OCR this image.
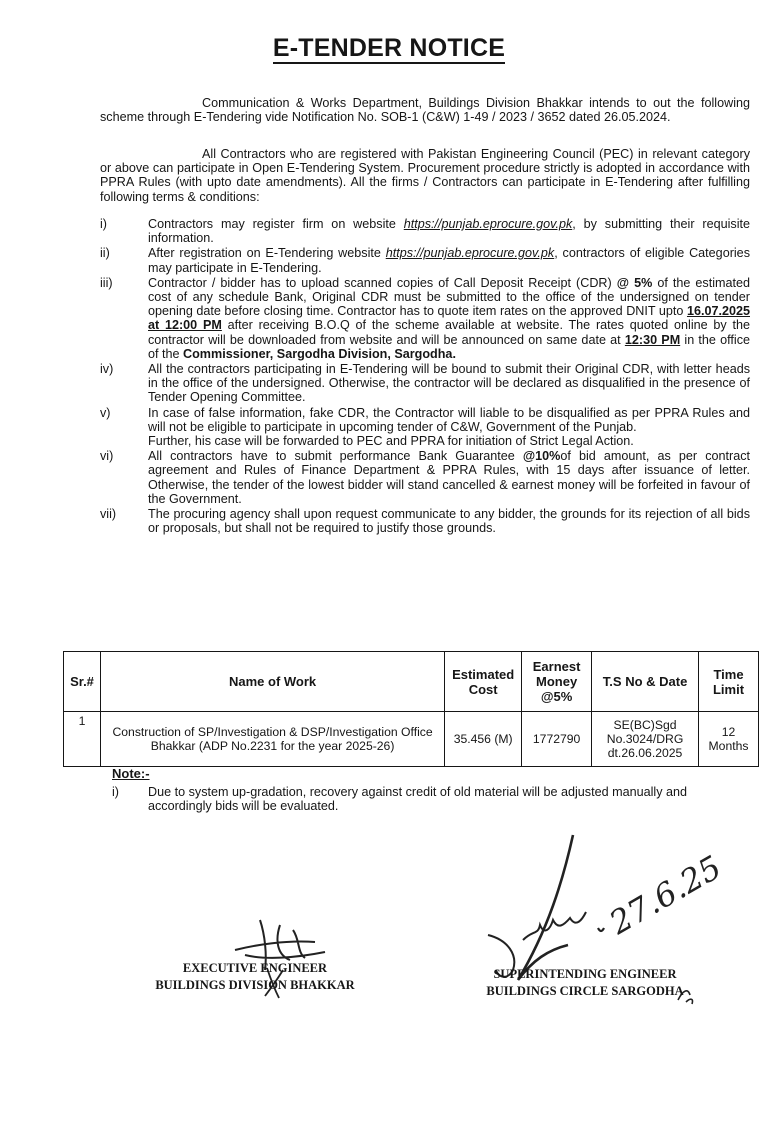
E-TENDER NOTICE
Communication & Works Department, Buildings Division Bhakkar intends to out the following scheme through E-Tendering vide Notification No. SOB-1 (C&W) 1-49 / 2023 / 3652 dated 26.05.2024.
All Contractors who are registered with Pakistan Engineering Council (PEC) in relevant category or above can participate in Open E-Tendering System. Procurement procedure strictly is adopted in accordance with PPRA Rules (with upto date amendments). All the firms / Contractors can participate in E-Tendering after fulfilling following terms & conditions:
i)	Contractors may register firm on website https://punjab.eprocure.gov.pk, by submitting their requisite information.
ii)	After registration on E-Tendering website https://punjab.eprocure.gov.pk, contractors of eligible Categories may participate in E-Tendering.
iii)	Contractor / bidder has to upload scanned copies of Call Deposit Receipt (CDR) @ 5% of the estimated cost of any schedule Bank, Original CDR must be submitted to the office of the undersigned on tender opening date before closing time. Contractor has to quote item rates on the approved DNIT upto 16.07.2025 at 12:00 PM after receiving B.O.Q of the scheme available at website. The rates quoted online by the contractor will be downloaded from website and will be announced on same date at 12:30 PM in the office of the Commissioner, Sargodha Division, Sargodha.
iv)	All the contractors participating in E-Tendering will be bound to submit their Original CDR, with letter heads in the office of the undersigned. Otherwise, the contractor will be declared as disqualified in the presence of Tender Opening Committee.
v)	In case of false information, fake CDR, the Contractor will liable to be disqualified as per PPRA Rules and will not be eligible to participate in upcoming tender of C&W, Government of the Punjab.
Further, his case will be forwarded to PEC and PPRA for initiation of Strict Legal Action.
vi)	All contractors have to submit performance Bank Guarantee @10%of bid amount, as per contract agreement and Rules of Finance Department & PPRA Rules, with 15 days after issuance of letter. Otherwise, the tender of the lowest bidder will stand cancelled & earnest money will be forfeited in favour of the Government.
vii)	The procuring agency shall upon request communicate to any bidder, the grounds for its rejection of all bids or proposals, but shall not be required to justify those grounds.
Sr.#	Name of Work	Estimated Cost	Earnest Money @5%	T.S No & Date	Time Limit
1	Construction of SP/Investigation & DSP/Investigation Office Bhakkar (ADP No.2231 for the year 2025-26)	35.456 (M)	1772790	SE(BC)Sgd No.3024/DRG dt.26.06.2025	12 Months
Note:-
i)	Due to system up-gradation, recovery against credit of old material will be adjusted manually and accordingly bids will be evaluated.
EXECUTIVE ENGINEER
BUILDINGS DIVISION BHAKKAR
27.6.25
SUPERINTENDING ENGINEER
BUILDINGS CIRCLE SARGODHA
